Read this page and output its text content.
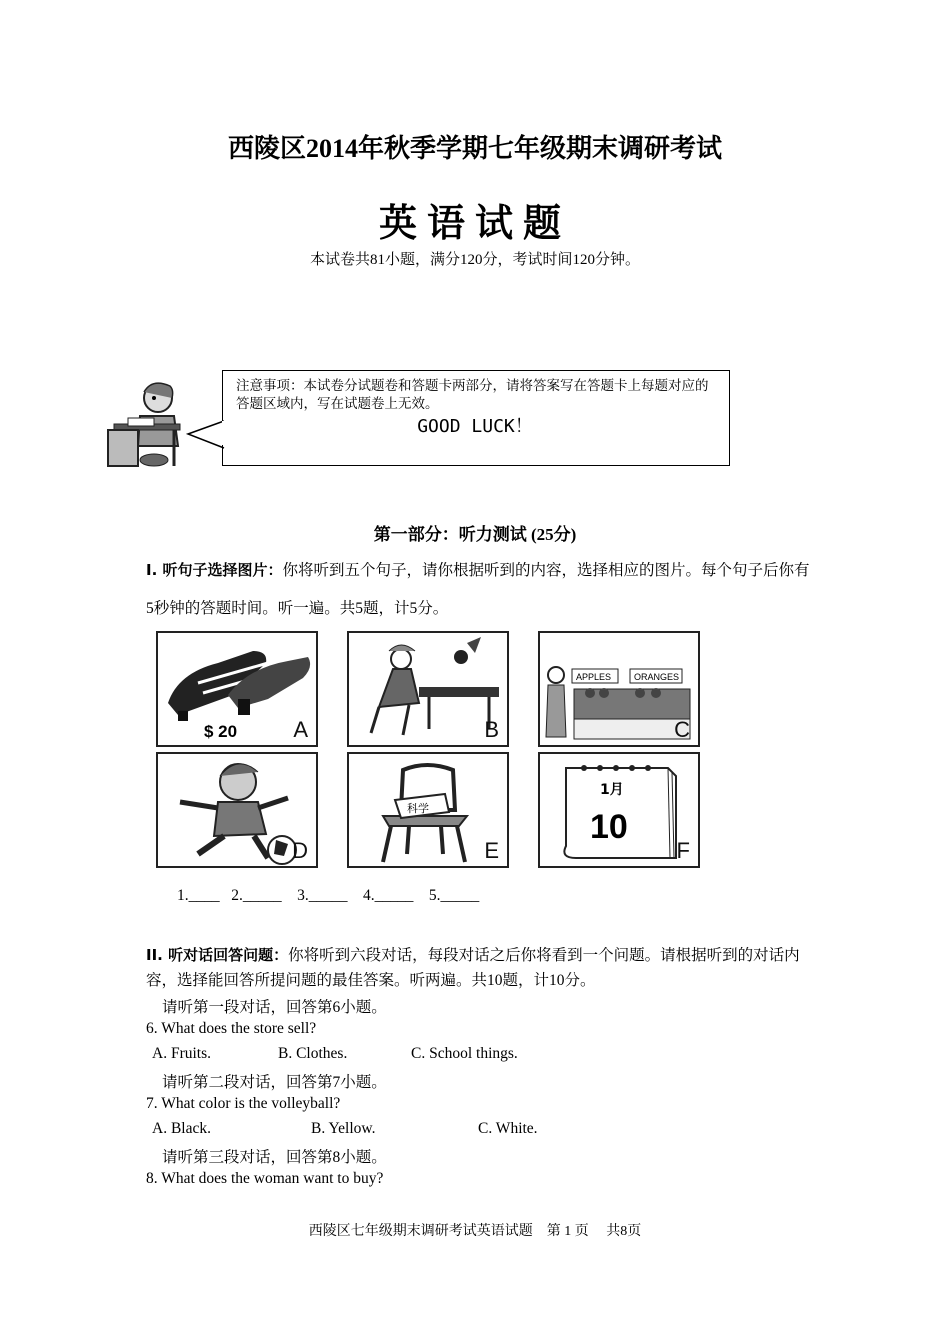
西陵区2014年秋季学期七年级期末调研考试
英语试题
本试卷共81小题，满分120分，考试时间120分钟。
注意事项：本试卷分试题卷和答题卡两部分，请将答案写在答题卡上每题对应的答题区域内，写在试题卷上无效。
GOOD LUCK！
第一部分：听力测试 (25分)
Ⅰ. 听句子选择图片：你将听到五个句子，请你根据听到的内容，选择相应的图片。每个句子后你有5秒钟的答题时间。听一遍。共5题，计5分。
$ 20	A	B
APPLES	ORANGES
C
D
科学
E
1月
10
F
1.____   2._____    3._____    4._____    5._____
II. 听对话回答问题：你将听到六段对话，每段对话之后你将看到一个问题。请根据听到的对话内容，选择能回答所提问题的最佳答案。听两遍。共10题，计10分。
请听第一段对话，回答第6小题。
6. What does the store sell?
A. Fruits.	B. Clothes.	C. School things.
请听第二段对话，回答第7小题。
7. What color is the volleyball?
A. Black.	B. Yellow.	C. White.
请听第三段对话，回答第8小题。
8. What does the woman want to buy?
西陵区七年级期末调研考试英语试题    第 1 页     共8页
